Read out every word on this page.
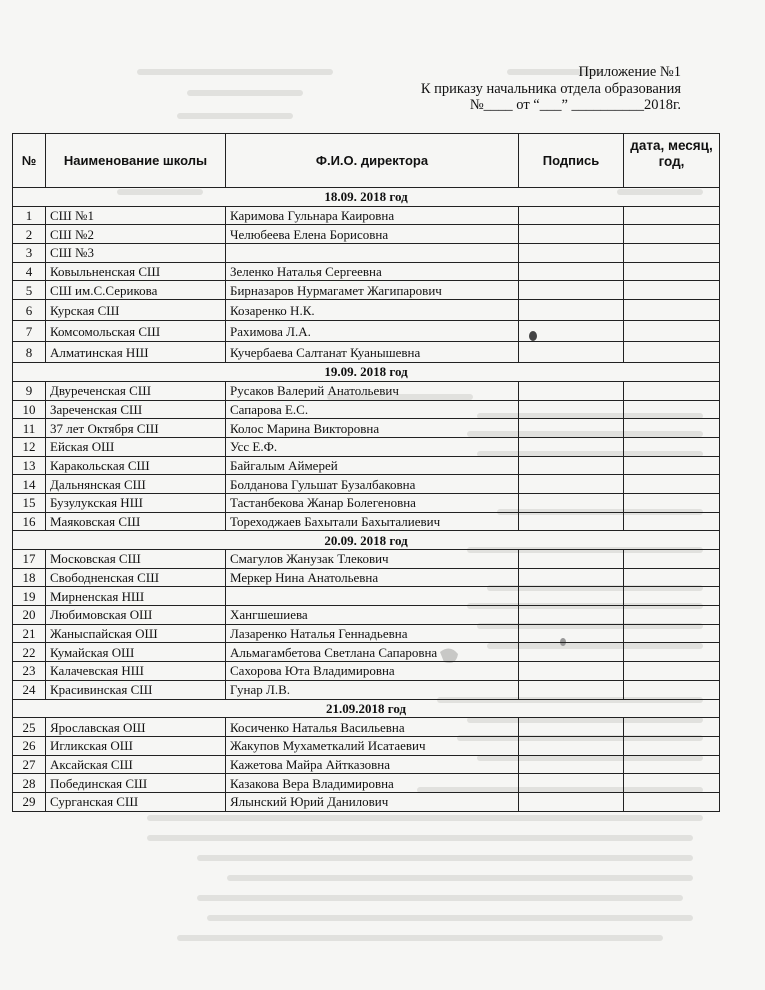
Приложение №1
К приказу начальника отдела образования
№____ от “___” __________2018г.
№	Наименование школы	Ф.И.О. директора	Подпись	дата, месяц, год,
18.09. 2018 год				
1	СШ №1	Каримова Гульнара Каировна		
2	СШ №2	Челюбеева Елена Борисовна		
3	СШ №3			
4	Ковыльненская СШ	Зеленко Наталья Сергеевна		
5	СШ им.С.Серикова	Бирназаров Нурмагамет Жагипарович		
6	Курская СШ	Козаренко Н.К.		
7	Комсомольская СШ	Рахимова Л.А.		
8	Алматинская НШ	Кучербаева Салтанат Куанышевна		
19.09. 2018 год				
9	Двуреченская СШ	Русаков Валерий Анатольевич		
10	Зареченская СШ	Сапарова Е.С.		
11	37 лет Октября СШ	Колос Марина Викторовна		
12	Ейская ОШ	Усс Е.Ф.		
13	Каракольская СШ	Байгалым Аймерей		
14	Дальнянская СШ	Болданова Гульшат Бузалбаковна		
15	Бузулукская НШ	Тастанбекова Жанар Болегеновна		
16	Маяковская СШ	Тореходжаев Бахытали Бахыталиевич		
20.09. 2018 год				
17	Московская СШ	Смагулов Жанузак Тлекович		
18	Свободненская СШ	Меркер Нина Анатольевна		
19	Мирненская НШ			
20	Любимовская ОШ	Хангшешиева		
21	Жаныспайская ОШ	Лазаренко Наталья Геннадьевна		
22	Кумайская ОШ	Альмагамбетова Светлана Сапаровна		
23	Калачевская НШ	Сахорова Юта Владимировна		
24	Красивинская СШ	Гунар Л.В.		
21.09.2018 год				
25	Ярославская ОШ	Косиченко Наталья Васильевна		
26	Игликская ОШ	Жакупов Мухаметкалий Исатаевич		
27	Аксайская СШ	Кажетова Майра Айтказовна		
28	Побединская СШ	Казакова Вера Владимировна		
29	Сурганская СШ	Ялынский Юрий Данилович		
